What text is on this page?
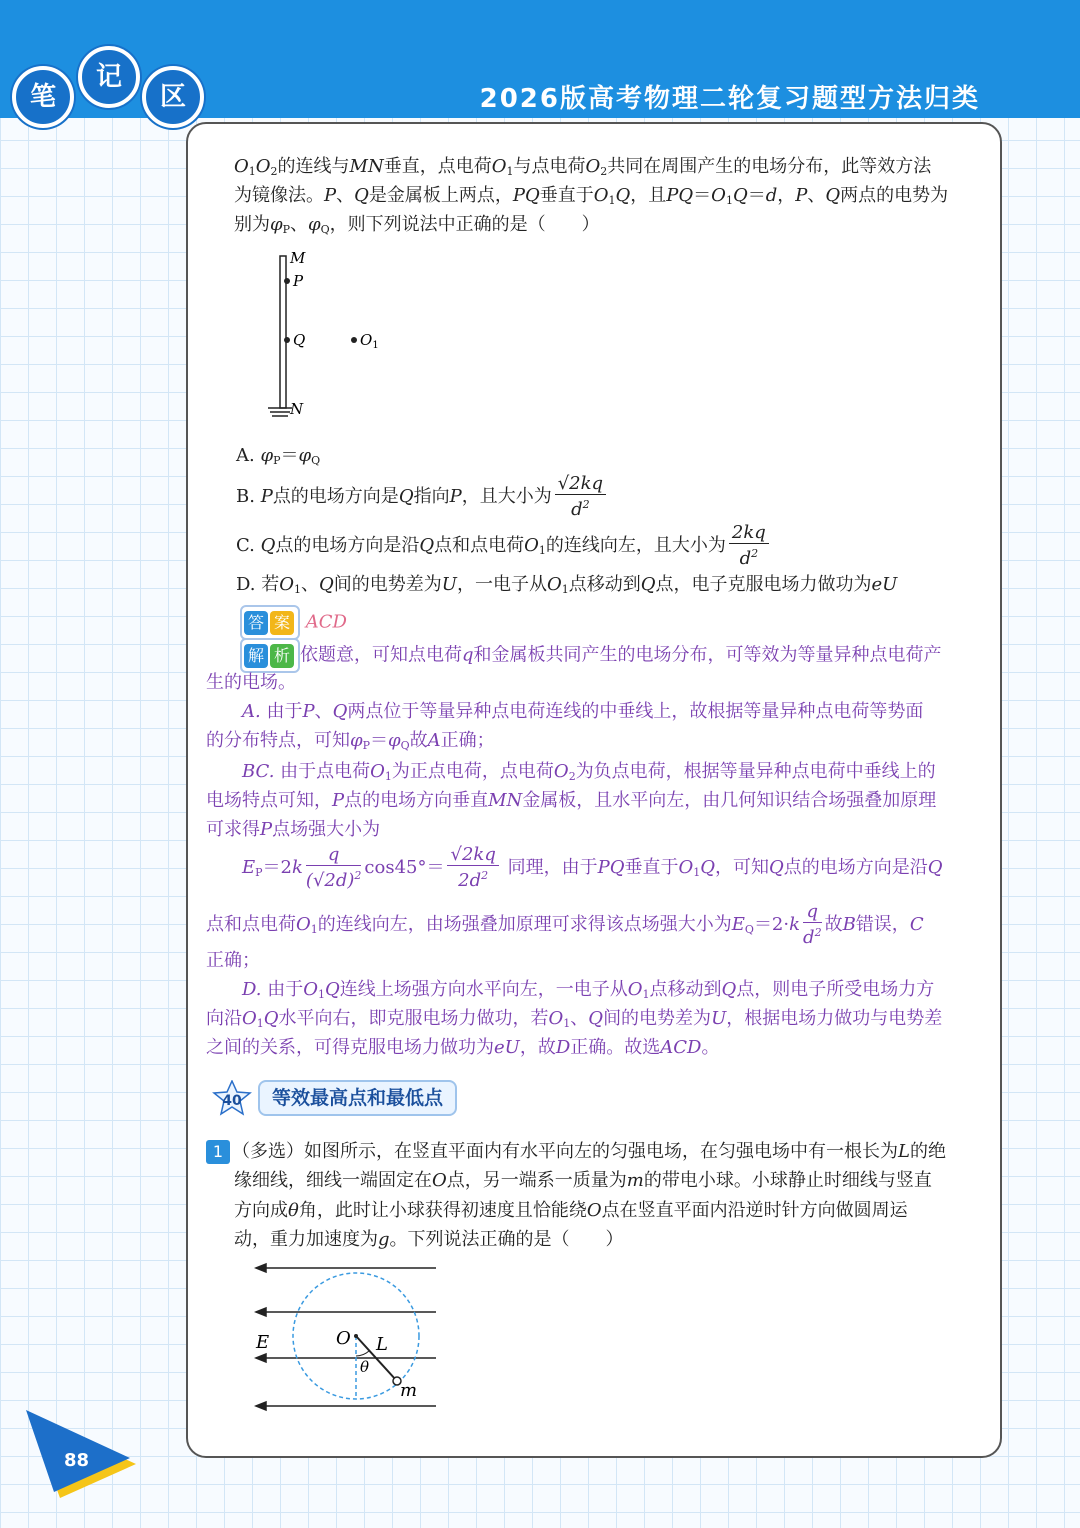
笔
记
区	2026版高考物理二轮复习题型方法归类
$O_1O_2$的连线与MN垂直，点电荷$O_1$与点电荷$O_2$共同在周围产生的电场分布，此等效方法
为镜像法。P、Q是金属板上两点，PQ垂直于$O_1Q$，且$PQ=O_1Q=d$，P、Q两点的电势为
别为$\varphi_P$、$\varphi_Q$，则下列说法中正确的是（　　）
M
P
Q
N
$O_1$
A. $\varphi_P=\varphi_Q$
B. P点的电场方向是Q指向P，且大小为 $\frac{√2kq}{d^2}$
C. Q点的电场方向是沿Q点和点电荷$O_1$的连线向左，且大小为 $\frac{2kq}{d^2}$
D. 若$O_1$、Q间的电势差为U，一电子从$O_1$点移动到Q点，电子克服电场力做功为eU
答 案 ACD
解 析 依题意，可知点电荷q和金属板共同产生的电场分布，可等效为等量异种点电荷产
生的电场。
A. 由于P、Q两点位于等量异种点电荷连线的中垂线上，故根据等量异种点电荷等势面
的分布特点，可知$\varphi_P=\varphi_Q$故A正确；
BC. 由于点电荷$O_1$为正点电荷，点电荷$O_2$为负点电荷，根据等量异种点电荷中垂线上的
电场特点可知，P点的电场方向垂直MN金属板，且水平向左，由几何知识结合场强叠加原理
可求得P点场强大小为
$E_P=2k \frac{q}{(√2d)^2} \cos 45^\circ= \frac{√2kq}{2d^2}$ 同理，由于PQ垂直于$O_1Q$，可知Q点的电场方向是沿Q
点和点电荷$O_1$的连线向左，由场强叠加原理可求得该点场强大小为$E_Q=2\cdot k \frac{q}{d^2}$ 故B错误，C
正确；
D. 由于$O_1Q$连线上场强方向水平向左，一电子从$O_1$点移动到Q点，则电子所受电场力方
向沿$O_1Q$水平向右，即克服电场力做功，若$O_1$、Q间的电势差为U，根据电场力做功与电势差
之间的关系，可得克服电场力做功为eU，故D正确。故选ACD。
40	等效最高点和最低点
1 （多选）如图所示，在竖直平面内有水平向左的匀强电场，在匀强电场中有一根长为L的绝
缘细线，细线一端固定在O点，另一端系一质量为m的带电小球。小球静止时细线与竖直
方向成θ角，此时让小球获得初速度且恰能绕O点在竖直平面内沿逆时针方向做圆周运
动，重力加速度为g。下列说法正确的是（　　）
E	O L
θ
m
88
